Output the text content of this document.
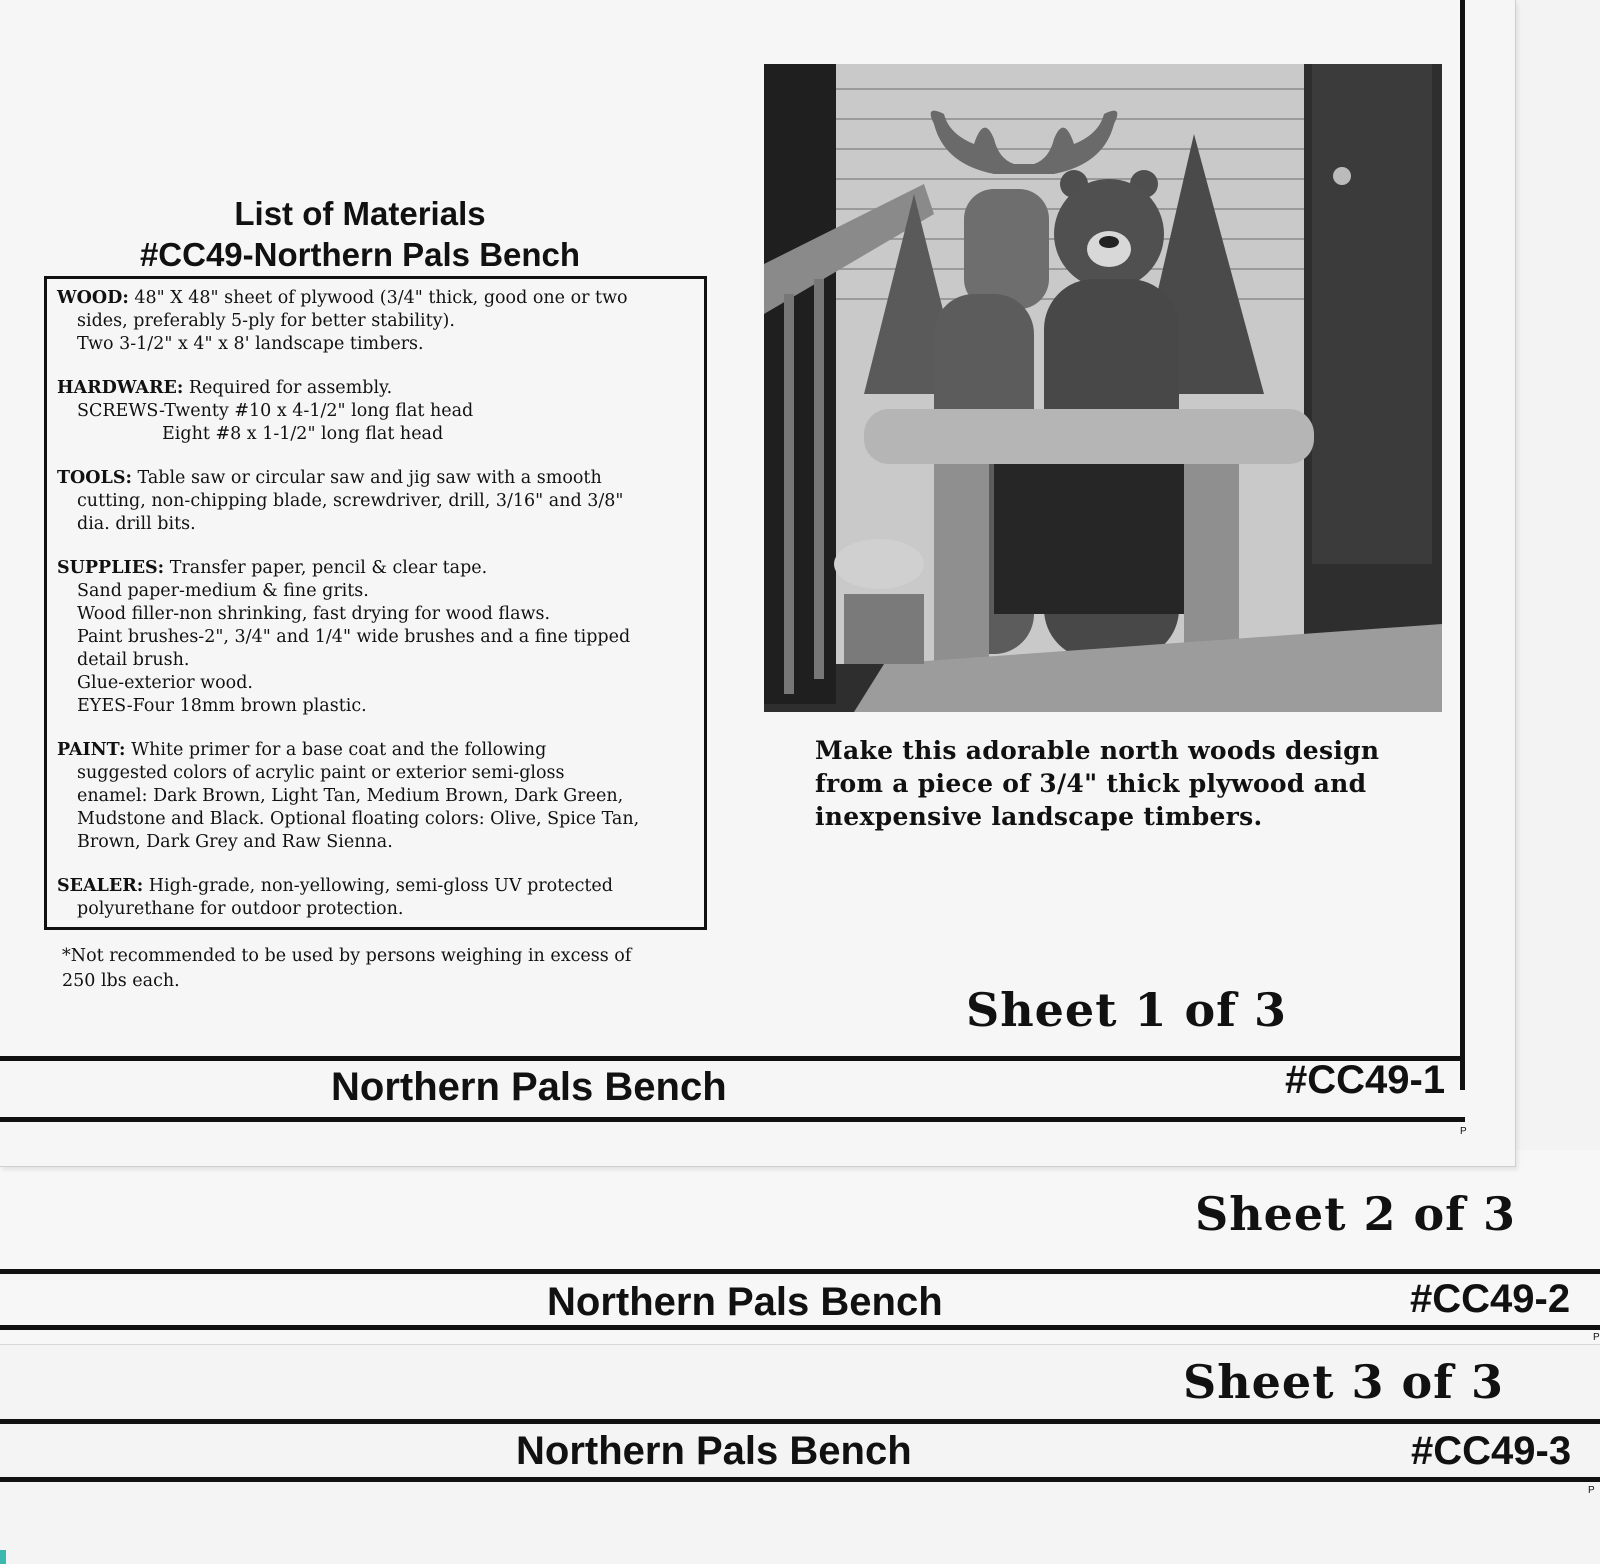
Sheet 3 of 3
Northern Pals Bench	#CC49-3
P
Sheet 2 of 3
Northern Pals Bench	#CC49-2
P
List of Materials
#CC49-Northern Pals Bench
WOOD: 48" X 48" sheet of plywood (3/4" thick, good one or two
sides, preferably 5-ply for better stability).
Two 3-1/2" x 4" x 8' landscape timbers.
HARDWARE: Required for assembly.
SCREWS-Twenty #10 x 4-1/2" long flat head
Eight #8 x 1-1/2" long flat head
TOOLS: Table saw or circular saw and jig saw with a smooth
cutting, non-chipping blade, screwdriver, drill, 3/16" and 3/8"
dia. drill bits.
SUPPLIES: Transfer paper, pencil & clear tape.
Sand paper-medium & fine grits.
Wood filler-non shrinking, fast drying for wood flaws.
Paint brushes-2", 3/4" and 1/4" wide brushes and a fine tipped
detail brush.
Glue-exterior wood.
EYES-Four 18mm brown plastic.
PAINT: White primer for a base coat and the following
suggested colors of acrylic paint or exterior semi-gloss
enamel: Dark Brown, Light Tan, Medium Brown, Dark Green,
Mudstone and Black. Optional floating colors: Olive, Spice Tan,
Brown, Dark Grey and Raw Sienna.
SEALER: High-grade, non-yellowing, semi-gloss UV protected
polyurethane for outdoor protection.
*Not recommended to be used by persons weighing in excess of
250 lbs each.
Make this adorable north woods design
from a piece of 3/4" thick plywood and
inexpensive landscape timbers.
Sheet 1 of 3
Northern Pals Bench	#CC49-1
P
